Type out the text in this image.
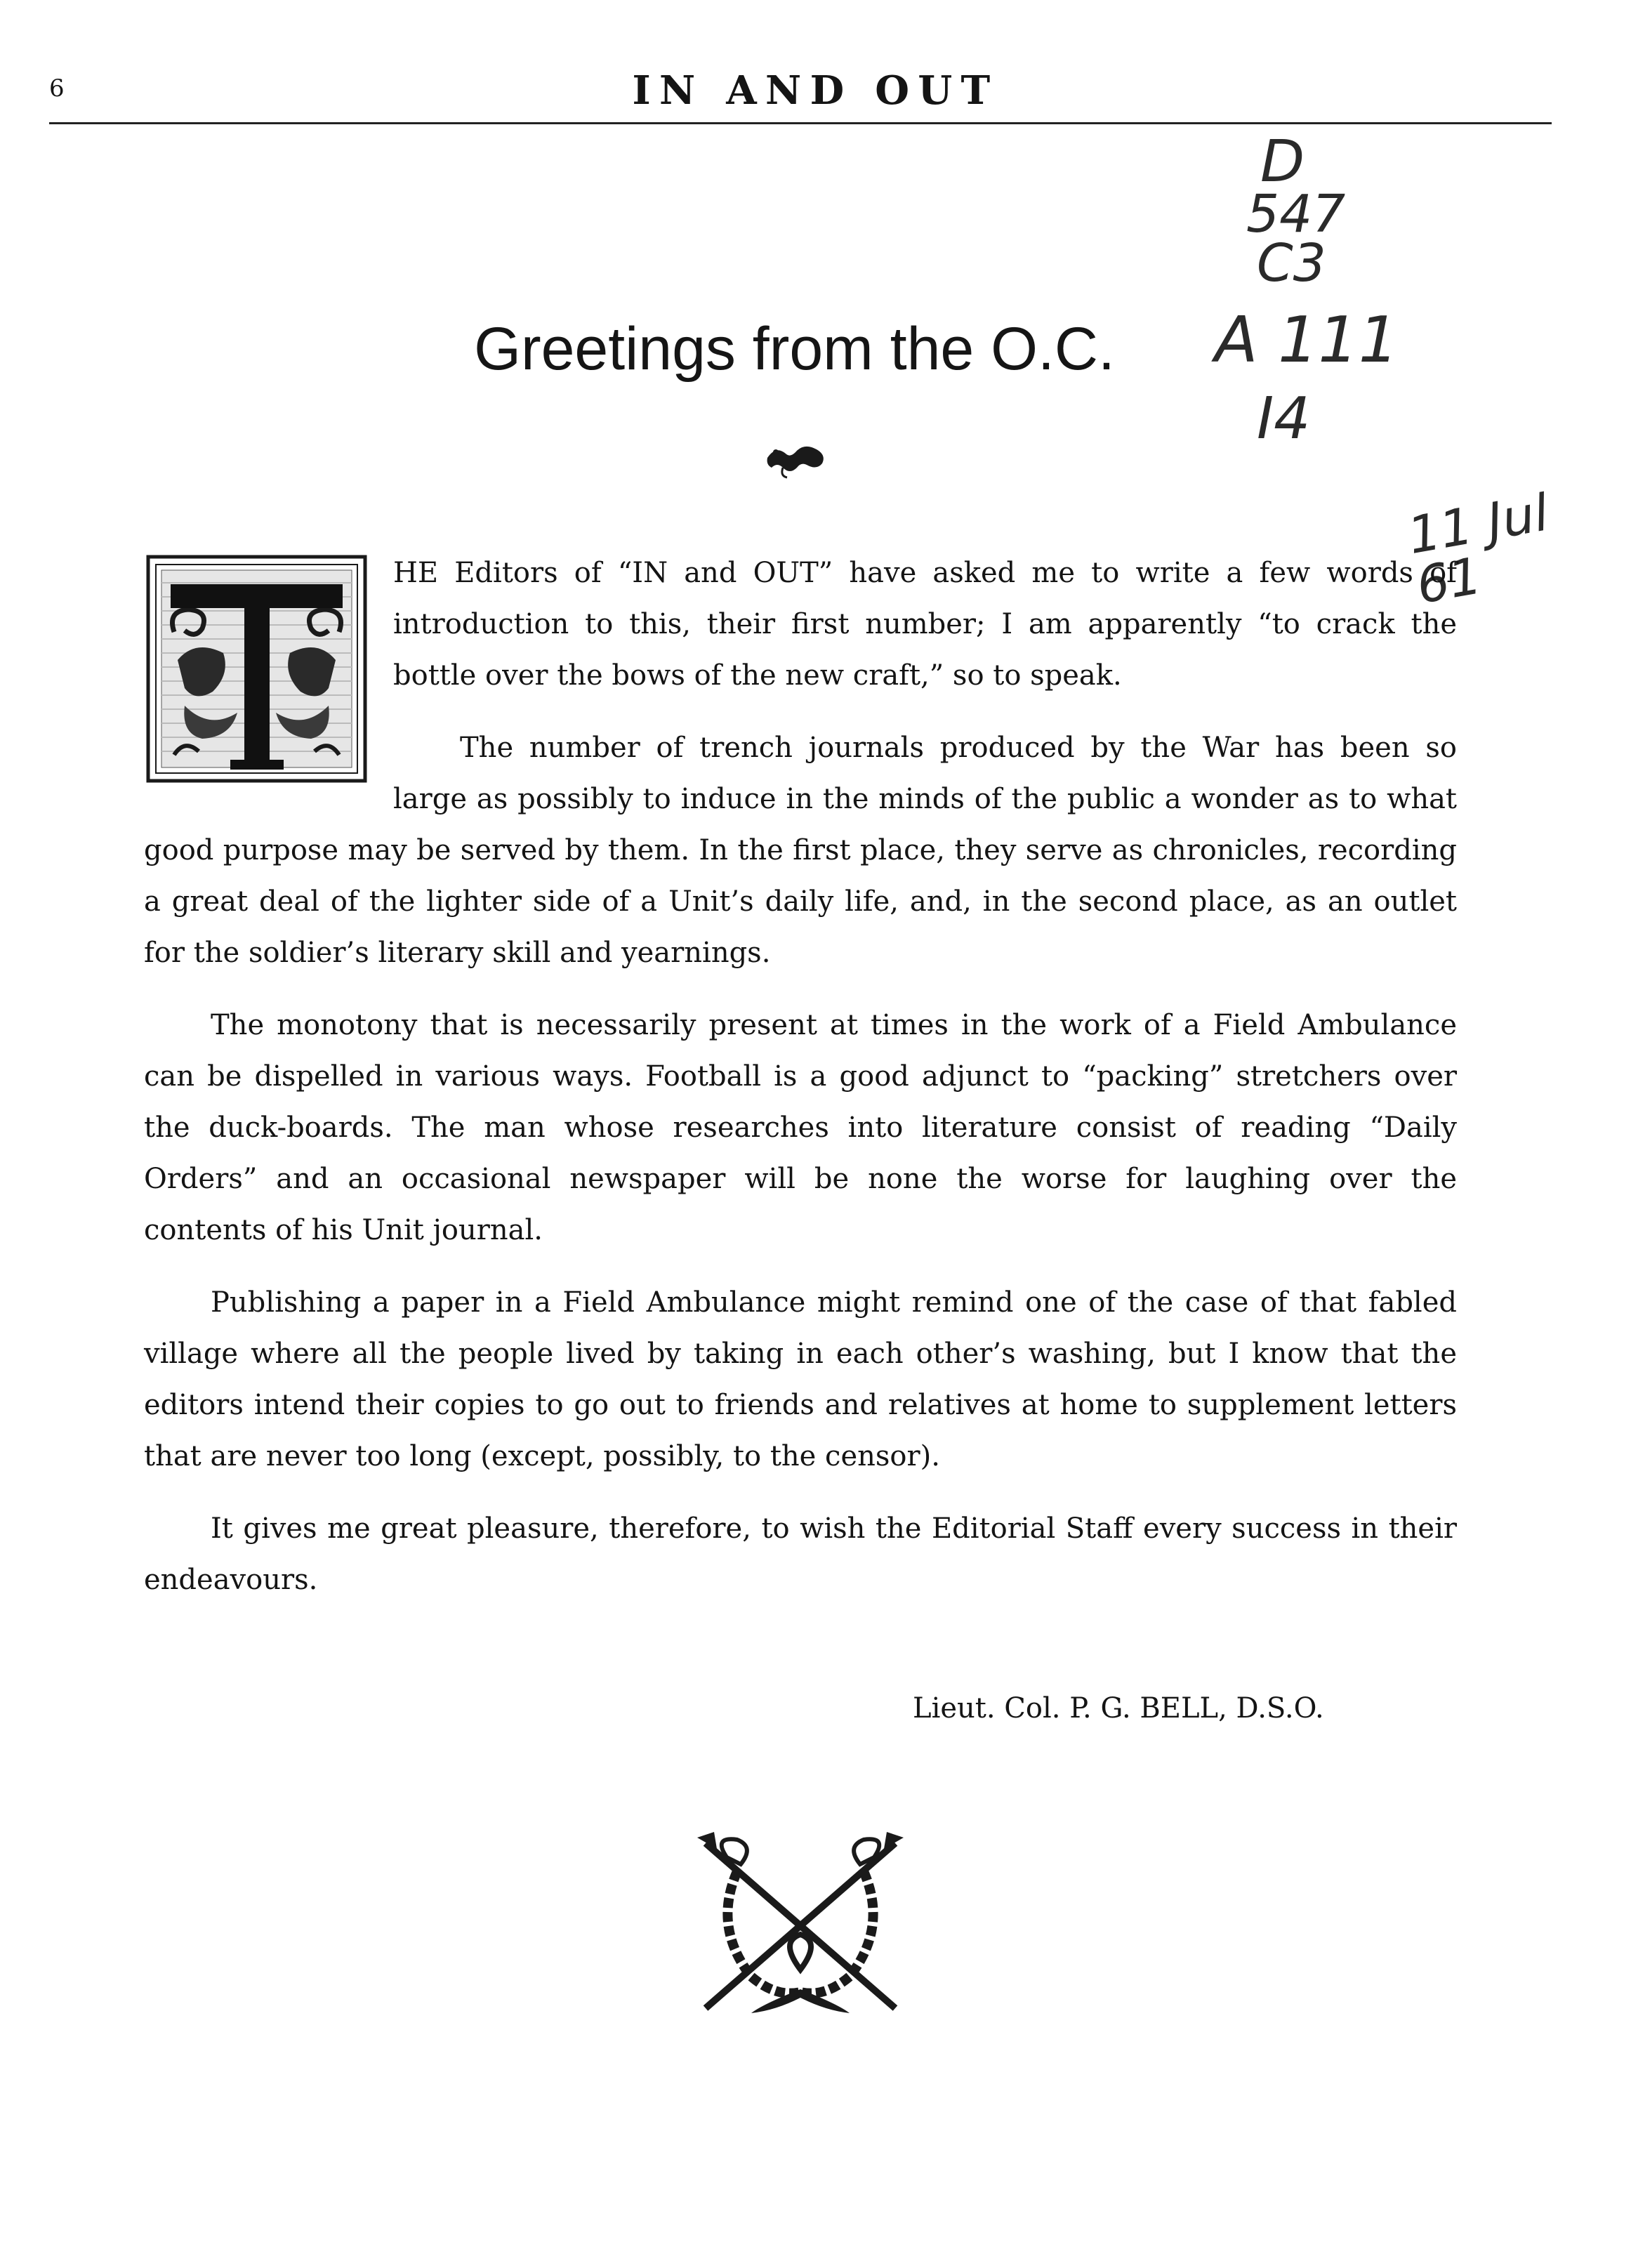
6	IN AND OUT
D
547
C3
A 111
I4
11 Jul 61
Greetings from the O.C.

HE Editors of “IN and OUT” have asked me to write a few words of introduction to this, their first number; I am apparently “to crack the bottle over the bows of the new craft,” so to speak.

The number of trench journals produced by the War has been so large as possibly to induce in the minds of the public a wonder as to what good purpose may be served by them. In the first place, they serve as chronicles, recording a great deal of the lighter side of a Unit’s daily life, and, in the second place, as an outlet for the soldier’s literary skill and yearnings.

The monotony that is necessarily present at times in the work of a Field Ambulance can be dispelled in various ways. Football is a good adjunct to “packing” stretchers over the duck-boards. The man whose researches into literature consist of reading “Daily Orders” and an occasional newspaper will be none the worse for laughing over the contents of his Unit journal.

Publishing a paper in a Field Ambulance might remind one of the case of that fabled village where all the people lived by taking in each other’s washing, but I know that the editors intend their copies to go out to friends and relatives at home to supplement letters that are never too long (except, possibly, to the censor).

It gives me great pleasure, therefore, to wish the Editorial Staff every success in their endeavours.

Lieut. Col. P. G. BELL, D.S.O.
